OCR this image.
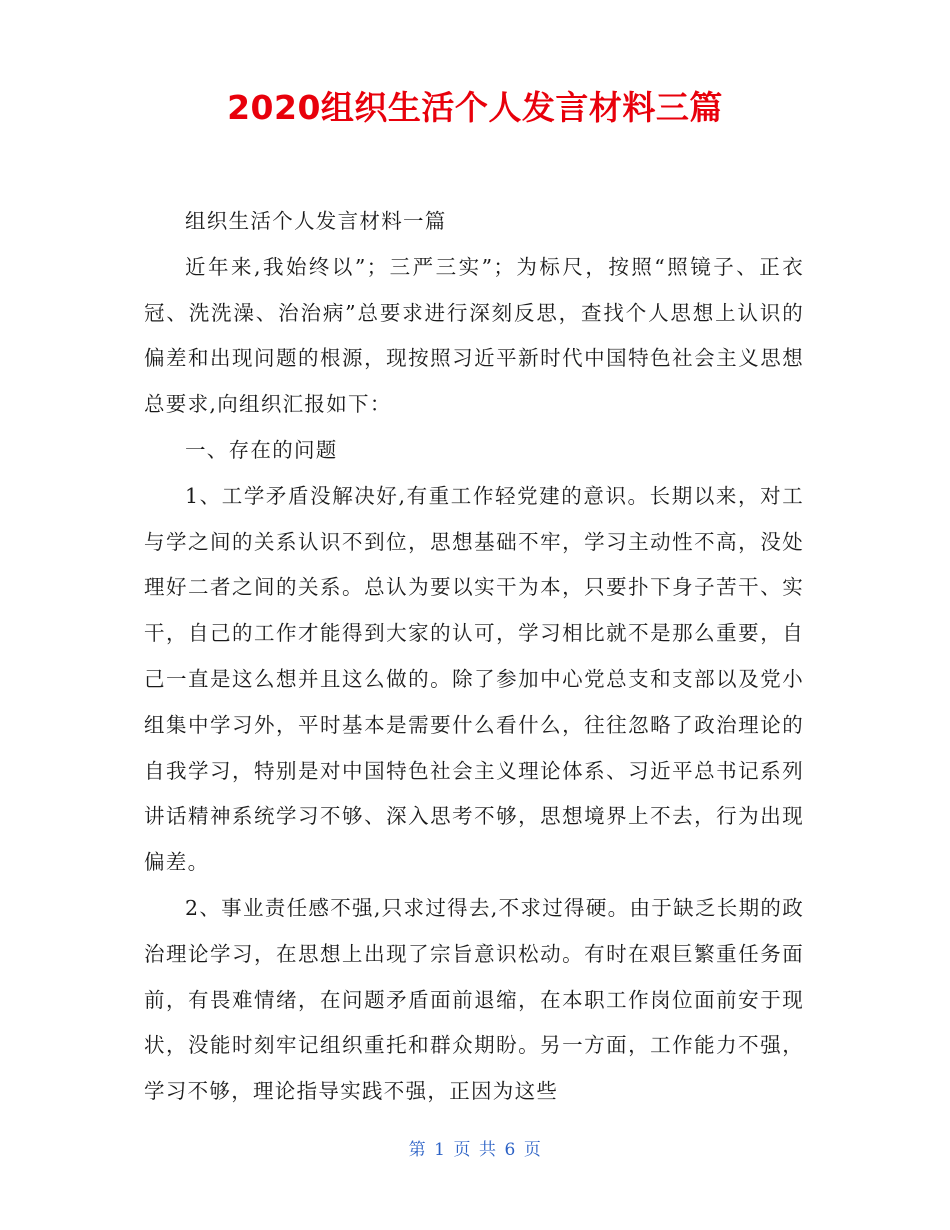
2020组织生活个人发言材料三篇

组织生活个人发言材料一篇

近年来,我始终以”；三严三实”；为标尺，按照“照镜子、正衣冠、洗洗澡、治治病”总要求进行深刻反思，查找个人思想上认识的偏差和出现问题的根源，现按照习近平新时代中国特色社会主义思想总要求,向组织汇报如下：

一、存在的问题

1、工学矛盾没解决好,有重工作轻党建的意识。长期以来，对工与学之间的关系认识不到位，思想基础不牢，学习主动性不高，没处理好二者之间的关系。总认为要以实干为本，只要扑下身子苦干、实干，自己的工作才能得到大家的认可，学习相比就不是那么重要，自己一直是这么想并且这么做的。除了参加中心党总支和支部以及党小组集中学习外，平时基本是需要什么看什么，往往忽略了政治理论的自我学习，特别是对中国特色社会主义理论体系、习近平总书记系列讲话精神系统学习不够、深入思考不够，思想境界上不去，行为出现偏差。

2、事业责任感不强,只求过得去,不求过得硬。由于缺乏长期的政治理论学习，在思想上出现了宗旨意识松动。有时在艰巨繁重任务面前，有畏难情绪，在问题矛盾面前退缩，在本职工作岗位面前安于现状，没能时刻牢记组织重托和群众期盼。另一方面，工作能力不强，学习不够，理论指导实践不强，正因为这些

第 1 页 共 6 页
